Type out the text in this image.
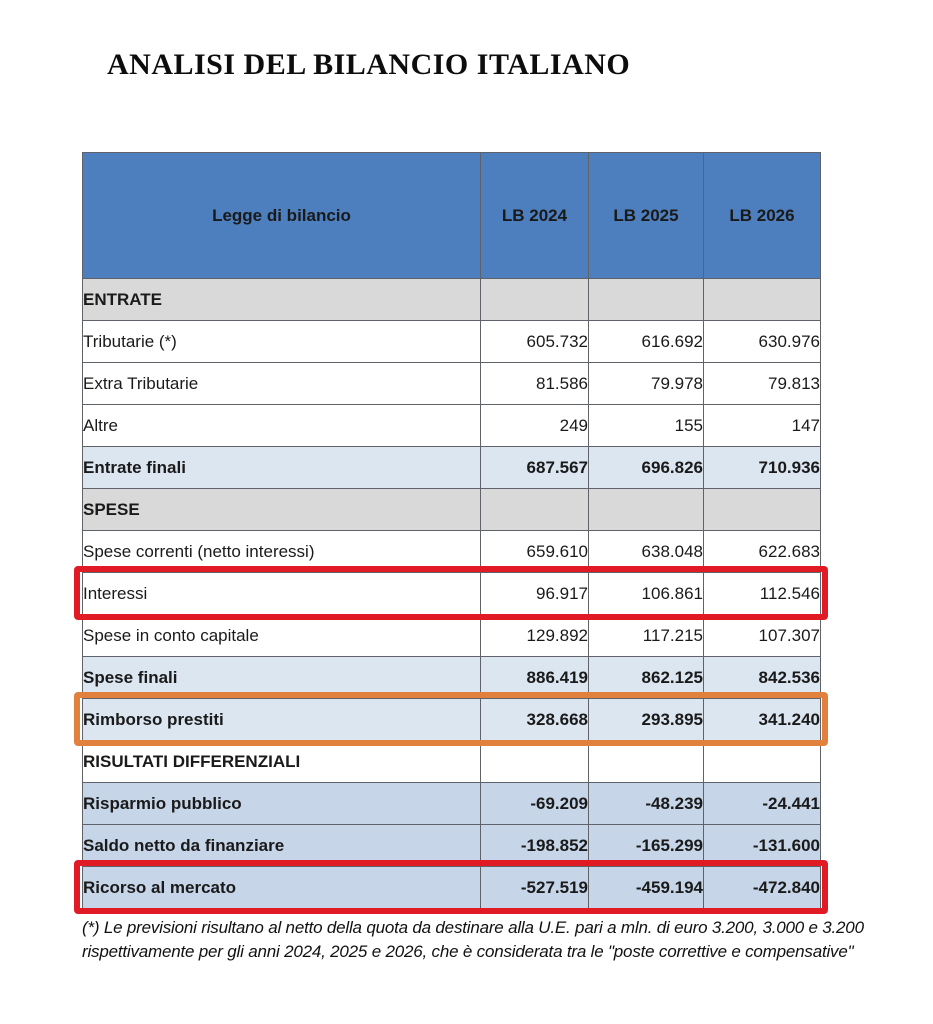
ANALISI DEL BILANCIO ITALIANO
Legge di bilancio	LB 2024	LB 2025	LB 2026
ENTRATE			
Tributarie (*)	605.732	616.692	630.976
Extra Tributarie	81.586	79.978	79.813
Altre	249	155	147
Entrate finali	687.567	696.826	710.936
SPESE			
Spese correnti (netto interessi)	659.610	638.048	622.683
Interessi	96.917	106.861	112.546
Spese in conto capitale	129.892	117.215	107.307
Spese finali	886.419	862.125	842.536
Rimborso prestiti	328.668	293.895	341.240
RISULTATI DIFFERENZIALI			
Risparmio pubblico	-69.209	-48.239	-24.441
Saldo netto da finanziare	-198.852	-165.299	-131.600
Ricorso al mercato	-527.519	-459.194	-472.840
(*) Le previsioni risultano al netto della quota da destinare alla U.E. pari a mln. di euro 3.200, 3.000 e 3.200 rispettivamente per gli anni 2024, 2025 e 2026, che è considerata tra le "poste correttive e compensative"
